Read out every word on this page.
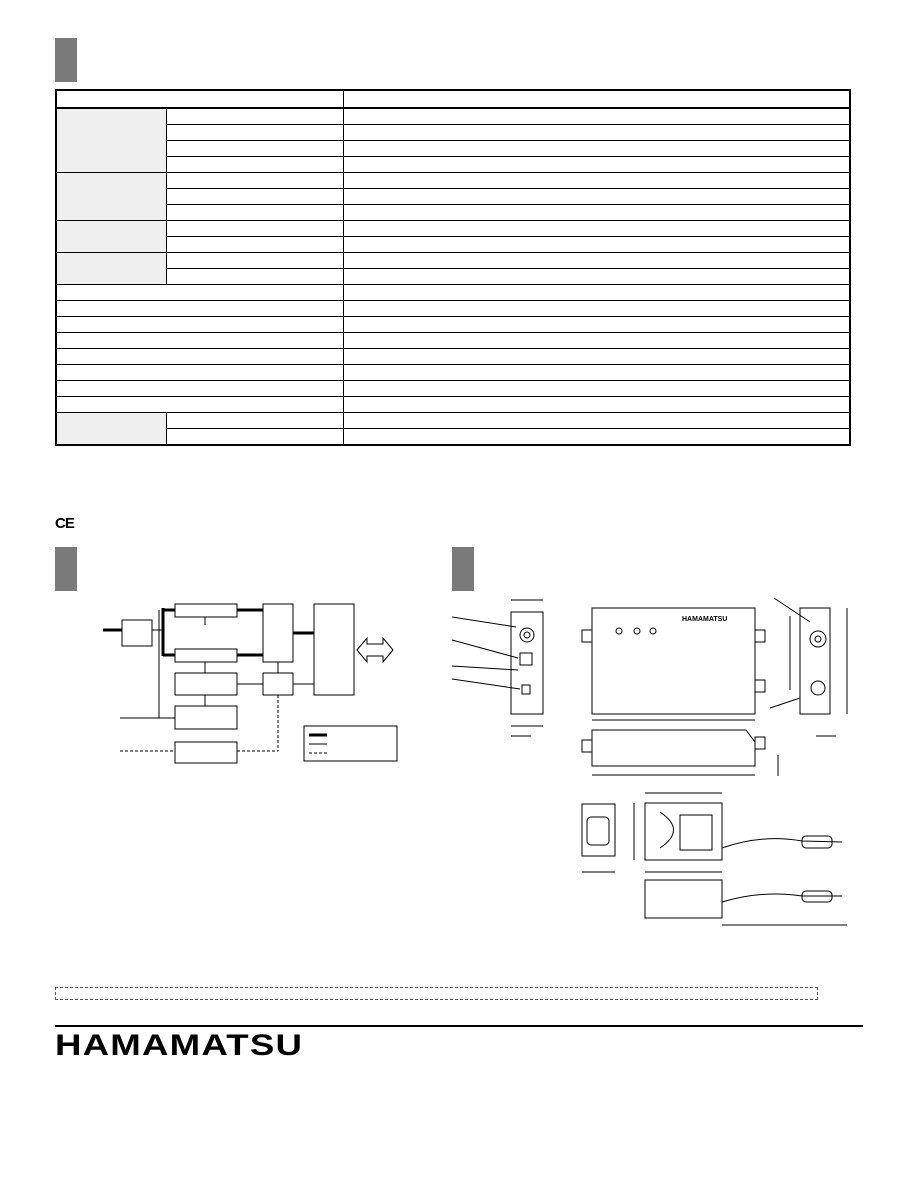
CE
HAMAMATSU
HAMAMATSU
